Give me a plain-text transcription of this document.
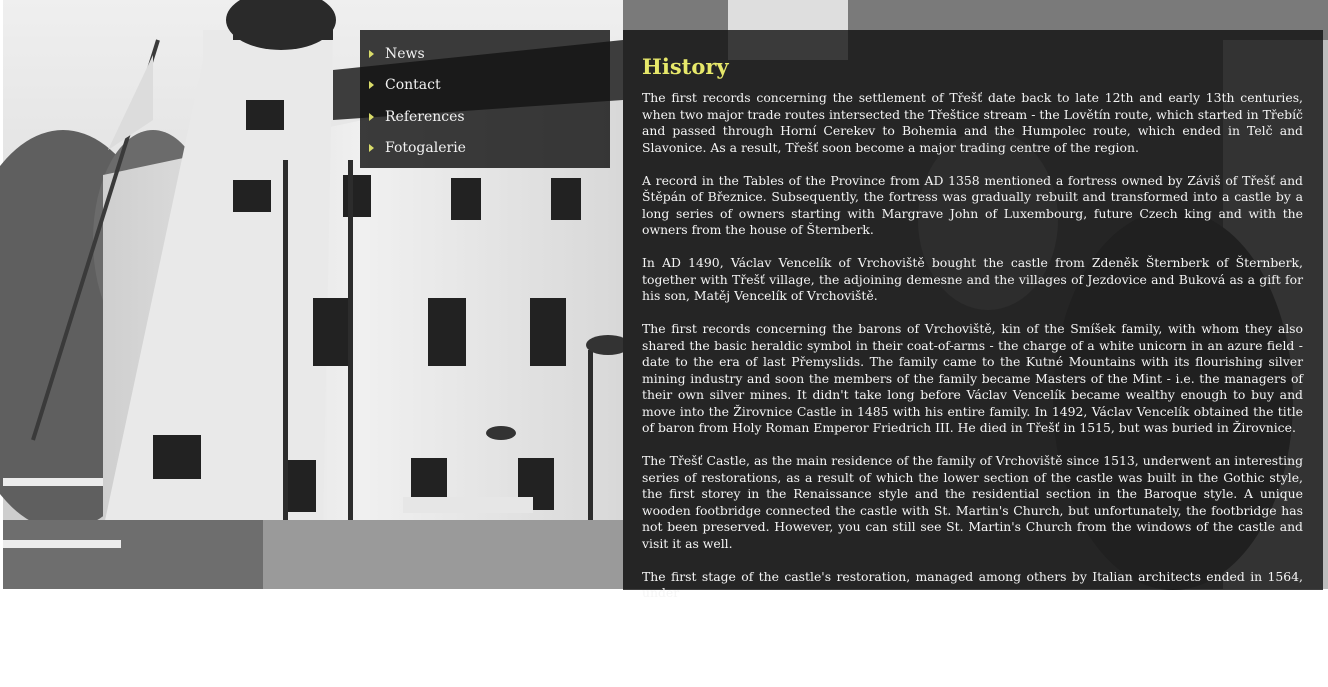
News
Contact
References
Fotogalerie
History

The first records concerning the settlement of Třešť date back to late 12th and early 13th centuries, when two major trade routes intersected the Třeštice stream - the Lovětín route, which started in Třebíč and passed through Horní Cerekev to Bohemia and the Humpolec route, which ended in Telč and Slavonice. As a result, Třešť soon become a major trading centre of the region.

A record in the Tables of the Province from AD 1358 mentioned a fortress owned by Záviš of Třešť and Štěpán of Březnice. Subsequently, the fortress was gradually rebuilt and transformed into a castle by a long series of owners starting with Margrave John of Luxembourg, future Czech king and with the owners from the house of Šternberk.

In AD 1490, Václav Vencelík of Vrchoviště bought the castle from Zdeněk Šternberk of Šternberk, together with Třešť village, the adjoining demesne and the villages of Jezdovice and Buková as a gift for his son, Matěj Vencelík of Vrchoviště.

The first records concerning the barons of Vrchoviště, kin of the Smíšek family, with whom they also shared the basic heraldic symbol in their coat-of-arms - the charge of a white unicorn in an azure field - date to the era of last Přemyslids. The family came to the Kutné Mountains with its flourishing silver mining industry and soon the members of the family became Masters of the Mint - i.e. the managers of their own silver mines. It didn't take long before Václav Vencelík became wealthy enough to buy and move into the Žirovnice Castle in 1485 with his entire family. In 1492, Václav Vencelík obtained the title of baron from Holy Roman Emperor Friedrich III. He died in Třešť in 1515, but was buried in Žirovnice.

The Třešť Castle, as the main residence of the family of Vrchoviště since 1513, underwent an interesting series of restorations, as a result of which the lower section of the castle was built in the Gothic style, the first storey in the Renaissance style and the residential section in the Baroque style. A unique wooden footbridge connected the castle with St. Martin's Church, but unfortunately, the footbridge has not been preserved. However, you can still see St. Martin's Church from the windows of the castle and visit it as well.

The first stage of the castle's restoration, managed among others by Italian architects ended in 1564, under
